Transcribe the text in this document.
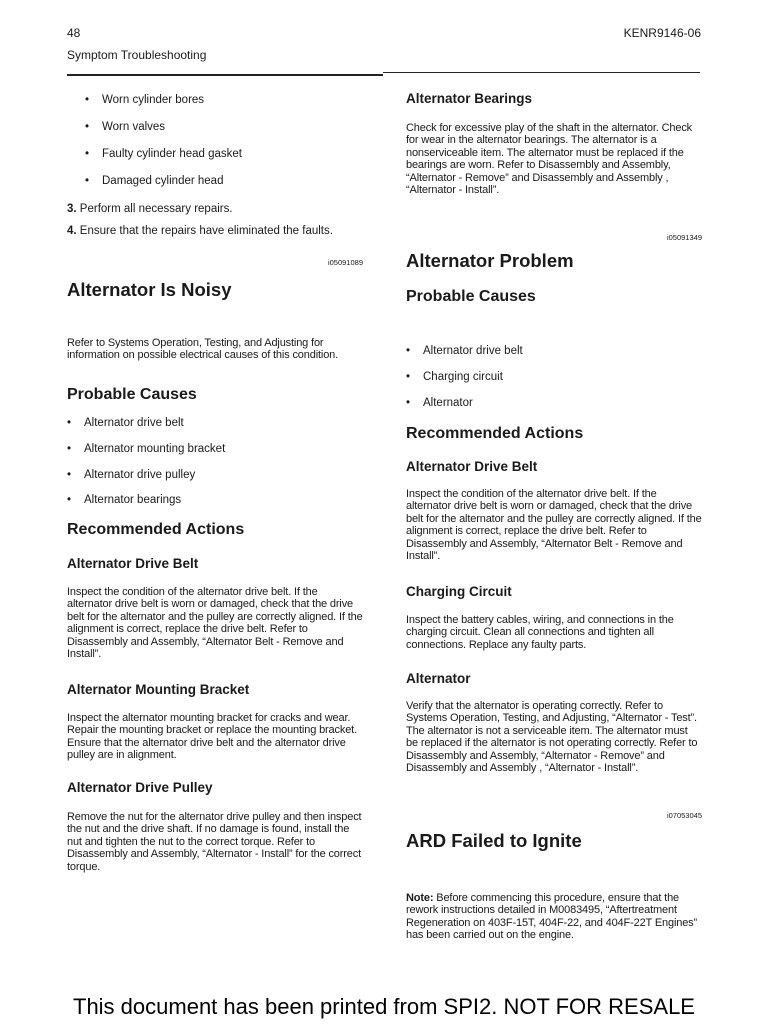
48	KENR9146-06
Symptom Troubleshooting
• Worn cylinder bores
• Worn valves
• Faulty cylinder head gasket
• Damaged cylinder head
3. Perform all necessary repairs.
4. Ensure that the repairs have eliminated the faults.
i05091089
Alternator Is Noisy
Refer to Systems Operation, Testing, and Adjusting for information on possible electrical causes of this condition.
Probable Causes
• Alternator drive belt
• Alternator mounting bracket
• Alternator drive pulley
• Alternator bearings
Recommended Actions
Alternator Drive Belt
Inspect the condition of the alternator drive belt. If the alternator drive belt is worn or damaged, check that the drive belt for the alternator and the pulley are correctly aligned. If the alignment is correct, replace the drive belt. Refer to Disassembly and Assembly, “Alternator Belt - Remove and Install”.
Alternator Mounting Bracket
Inspect the alternator mounting bracket for cracks and wear. Repair the mounting bracket or replace the mounting bracket. Ensure that the alternator drive belt and the alternator drive pulley are in alignment.
Alternator Drive Pulley
Remove the nut for the alternator drive pulley and then inspect the nut and the drive shaft. If no damage is found, install the nut and tighten the nut to the correct torque. Refer to Disassembly and Assembly, “Alternator - Install” for the correct torque.
Alternator Bearings
Check for excessive play of the shaft in the alternator. Check for wear in the alternator bearings. The alternator is a nonserviceable item. The alternator must be replaced if the bearings are worn. Refer to Disassembly and Assembly, “Alternator - Remove” and Disassembly and Assembly , “Alternator - Install”.
i05091349
Alternator Problem
Probable Causes
• Alternator drive belt
• Charging circuit
• Alternator
Recommended Actions
Alternator Drive Belt
Inspect the condition of the alternator drive belt. If the alternator drive belt is worn or damaged, check that the drive belt for the alternator and the pulley are correctly aligned. If the alignment is correct, replace the drive belt. Refer to Disassembly and Assembly, “Alternator Belt - Remove and Install”.
Charging Circuit
Inspect the battery cables, wiring, and connections in the charging circuit. Clean all connections and tighten all connections. Replace any faulty parts.
Alternator
Verify that the alternator is operating correctly. Refer to Systems Operation, Testing, and Adjusting, “Alternator - Test”. The alternator is not a serviceable item. The alternator must be replaced if the alternator is not operating correctly. Refer to Disassembly and Assembly, “Alternator - Remove” and Disassembly and Assembly , “Alternator - Install”.
i07053045
ARD Failed to Ignite
Note: Before commencing this procedure, ensure that the rework instructions detailed in M0083495, “Aftertreatment Regeneration on 403F-15T, 404F-22, and 404F-22T Engines” has been carried out on the engine.
This document has been printed from SPI2. NOT FOR RESALE
